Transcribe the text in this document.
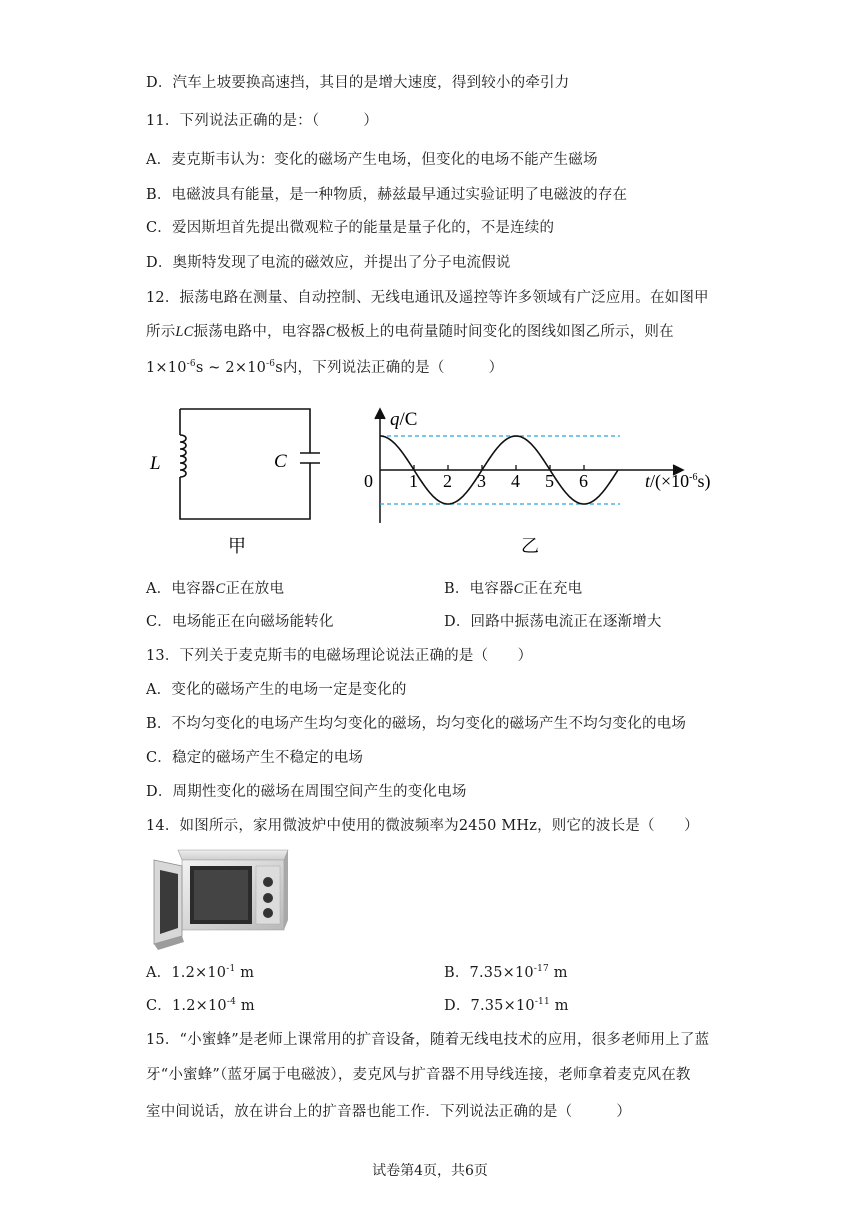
D．汽车上坡要换高速挡，其目的是增大速度，得到较小的牵引力
11．下列说法正确的是：（　　　）
A．麦克斯韦认为：变化的磁场产生电场，但变化的电场不能产生磁场
B．电磁波具有能量，是一种物质，赫兹最早通过实验证明了电磁波的存在
C．爱因斯坦首先提出微观粒子的能量是量子化的，不是连续的
D．奥斯特发现了电流的磁效应，并提出了分子电流假说
12．振荡电路在测量、自动控制、无线电通讯及遥控等许多领域有广泛应用。在如图甲
所示LC振荡电路中，电容器C极板上的电荷量随时间变化的图线如图乙所示，则在
$1\times 10^{-6}s$ ~ $2\times 10^{-6}s$内，下列说法正确的是（　　　）
L	C
甲
1 2 3 4 5 6
q/C
0	$t/(\times 10^{-6}s)$
乙
A．电容器C正在放电	B．电容器C正在充电
C．电场能正在向磁场能转化	D．回路中振荡电流正在逐渐增大
13．下列关于麦克斯韦的电磁场理论说法正确的是（　　）
A．变化的磁场产生的电场一定是变化的
B．不均匀变化的电场产生均匀变化的磁场，均匀变化的磁场产生不均匀变化的电场
C．稳定的磁场产生不稳定的电场
D．周期性变化的磁场在周围空间产生的变化电场
14．如图所示，家用微波炉中使用的微波频率为2450 MHz，则它的波长是（　　）
A．$1.2\times 10^{-1}$ m	B．$7.35\times 10^{-17}$ m
C．$1.2\times 10^{-4}$ m	D．$7.35\times 10^{-11}$ m
15．“小蜜蜂”是老师上课常用的扩音设备，随着无线电技术的应用，很多老师用上了蓝
牙“小蜜蜂”（蓝牙属于电磁波），麦克风与扩音器不用导线连接，老师拿着麦克风在教
室中间说话，放在讲台上的扩音器也能工作．下列说法正确的是（　　　）
试卷第4页，共6页
